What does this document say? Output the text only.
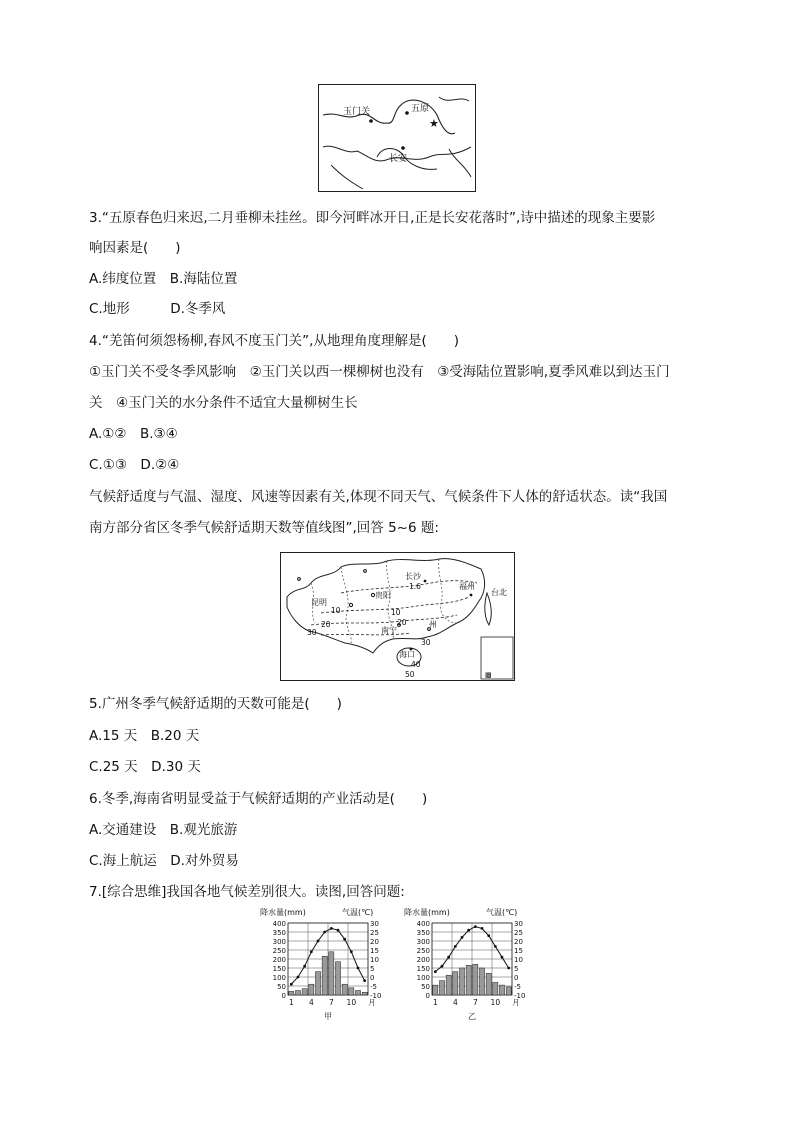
玉门关	五原
长安
★
3.“五原春色归来迟,二月垂柳未挂丝。即今河畔冰开日,正是长安花落时”,诗中描述的现象主要影
响因素是(　　)
A.纬度位置　B.海陆位置
C.地形　　　D.冬季风
4.“羌笛何须怨杨柳,春风不度玉门关”,从地理角度理解是(　　)
①玉门关不受冬季风影响　②玉门关以西一棵柳树也没有　③受海陆位置影响,夏季风难以到达玉门
关　④玉门关的水分条件不适宜大量柳树生长
A.①②　B.③④
C.①③　D.②④
气候舒适度与气温、湿度、风速等因素有关,体现不同天气、气候条件下人体的舒适状态。读“我国
南方部分省区冬季气候舒适期天数等值线图”,回答 5~6 题:
▩
长沙
贵阳
昆明
福州
台北
南宁
州
海口
1.6
10	10
20	20
30
30
40
50
5.广州冬季气候舒适期的天数可能是(　　)
A.15 天　B.20 天
C.25 天　D.30 天
6.冬季,海南省明显受益于气候舒适期的产业活动是(　　)
A.交通建设　B.观光旅游
C.海上航运　D.对外贸易
7.[综合思维]我国各地气候差别很大。读图,回答问题:
降水量(mm)	气温(℃)
400
350
300
250
200
150
100
50
0
30
25
20
15
10
5
0
-5
-10
1 4 7 10 月
甲
降水量(mm)	气温(℃)
400
350
300
250
200
150
100
50
0
30
25
20
15
10
5
0
-5
-10
1 4 7 10 月
乙
